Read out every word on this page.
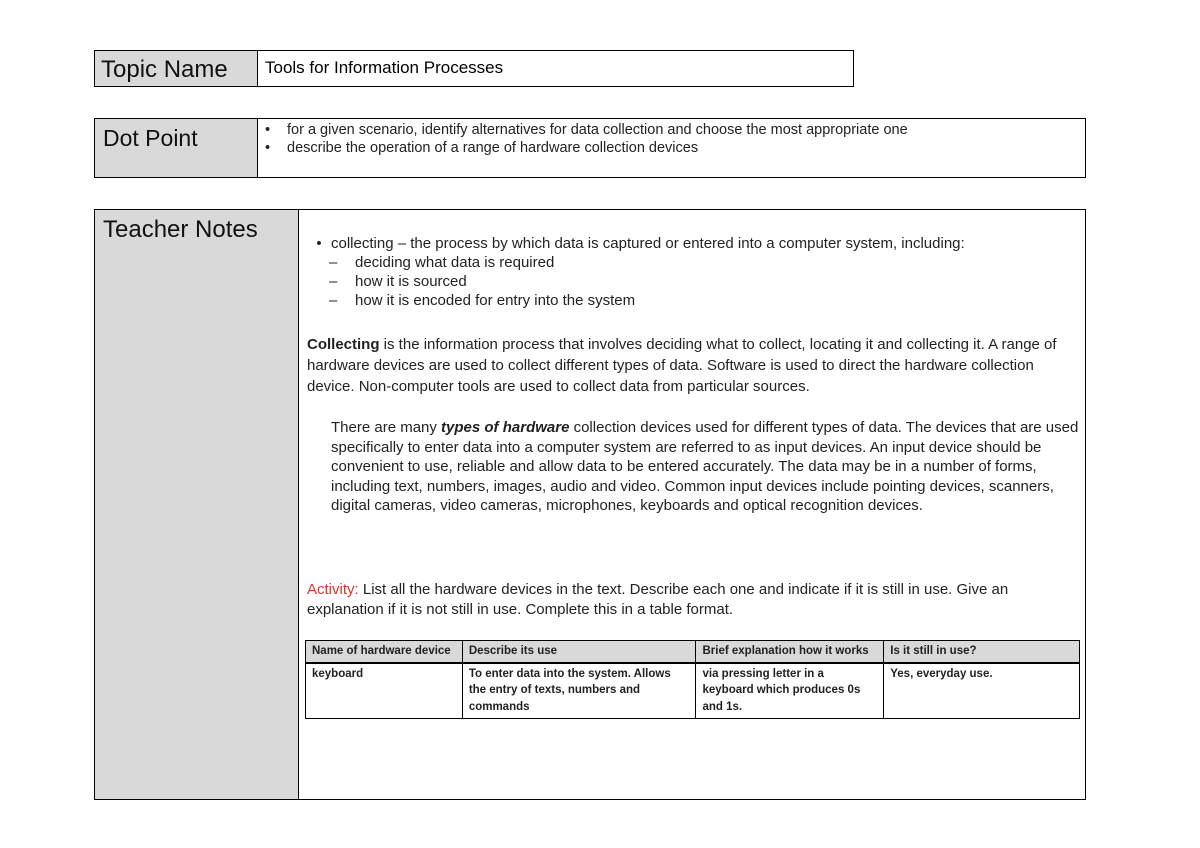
Topic Name Tools for Information Processes
Dot Point	• for a given scenario, identify alternatives for data collection and choose the most appropriate one
• describe the operation of a range of hardware collection devices
Teacher Notes
• collecting – the process by which data is captured or entered into a computer system, including:
– deciding what data is required
– how it is sourced
– how it is encoded for entry into the system
Collecting is the information process that involves deciding what to collect, locating it and collecting it. A range of hardware devices are used to collect different types of data. Software is used to direct the hardware collection device. Non-computer tools are used to collect data from particular sources.
There are many types of hardware collection devices used for different types of data. The devices that are used specifically to enter data into a computer system are referred to as input devices. An input device should be convenient to use, reliable and allow data to be entered accurately. The data may be in a number of forms, including text, numbers, images, audio and video. Common input devices include pointing devices, scanners, digital cameras, video cameras, microphones, keyboards and optical recognition devices.
Activity: List all the hardware devices in the text. Describe each one and indicate if it is still in use. Give an explanation if it is not still in use. Complete this in a table format.
Name of hardware device	Describe its use	Brief explanation how it works	Is it still in use?
keyboard	To enter data into the system. Allows the entry of texts, numbers and commands	via pressing letter in a keyboard which produces 0s and 1s.	Yes, everyday use.
